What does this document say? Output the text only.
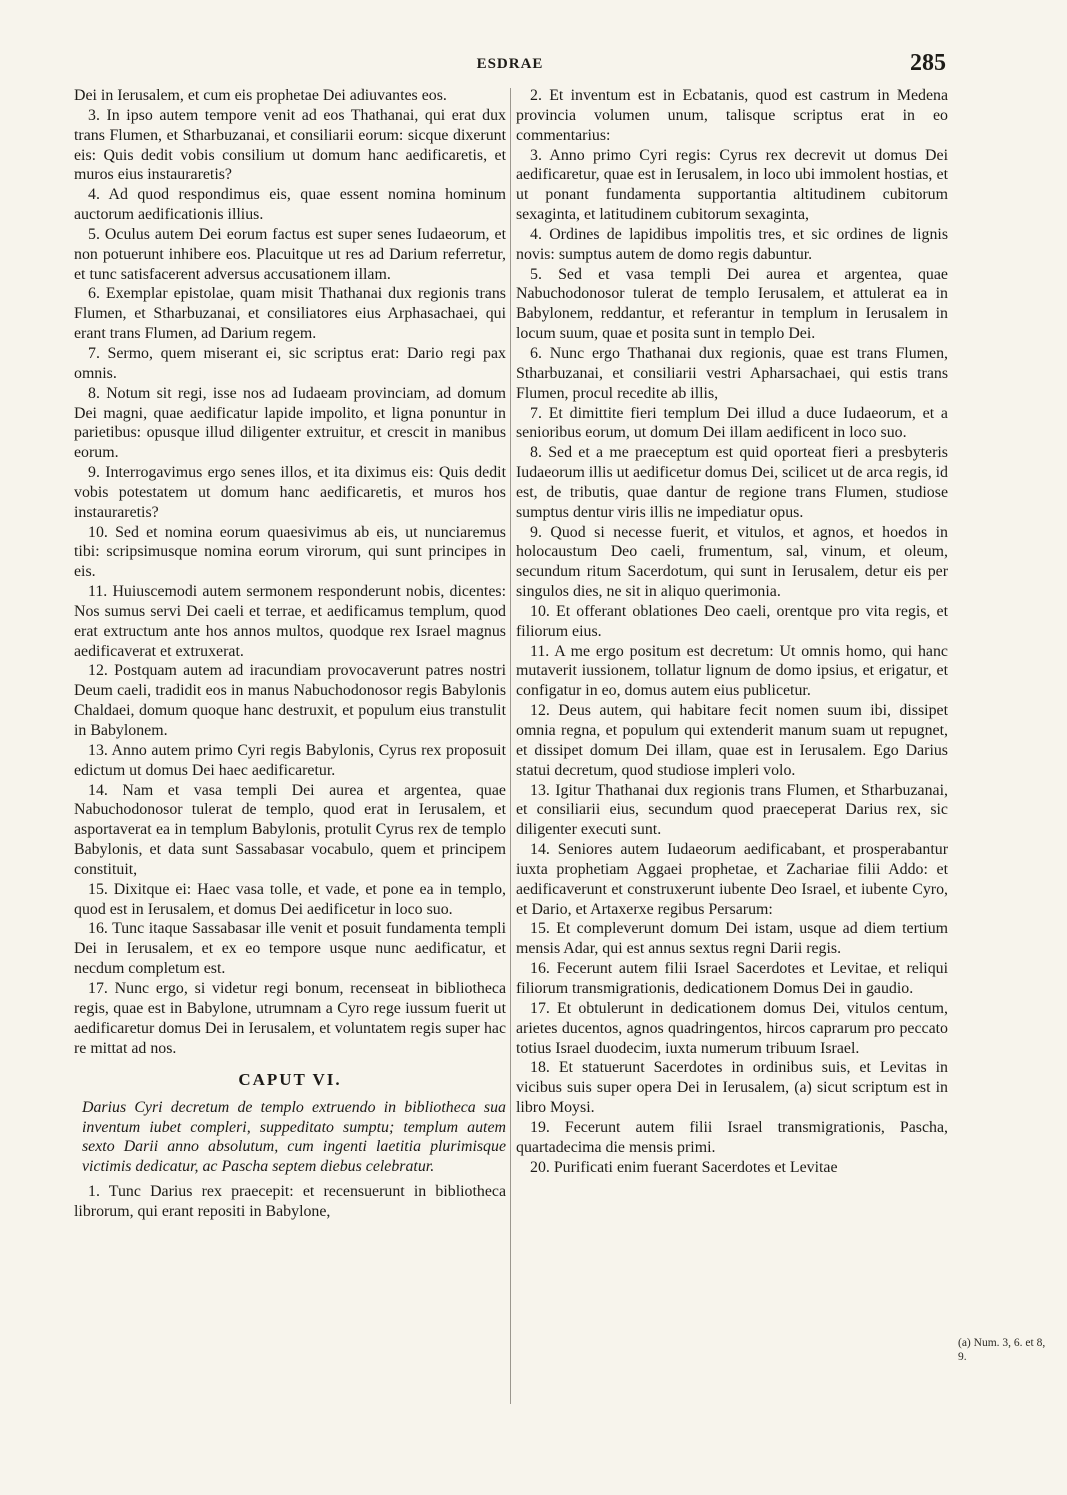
ESDRAE	285

Dei in Ierusalem, et cum eis prophetae Dei adiuvantes eos.

3. In ipso autem tempore venit ad eos Thathanai, qui erat dux trans Flumen, et Stharbuzanai, et consiliarii eorum: sicque dixerunt eis: Quis dedit vobis consilium ut domum hanc aedificaretis, et muros eius instauraretis?

4. Ad quod respondimus eis, quae essent nomina hominum auctorum aedificationis illius.

5. Oculus autem Dei eorum factus est super senes Iudaeorum, et non potuerunt inhibere eos. Placuitque ut res ad Darium referretur, et tunc satisfacerent adversus accusationem illam.

6. Exemplar epistolae, quam misit Thathanai dux regionis trans Flumen, et Stharbuzanai, et consiliatores eius Arphasachaei, qui erant trans Flumen, ad Darium regem.

7. Sermo, quem miserant ei, sic scriptus erat: Dario regi pax omnis.

8. Notum sit regi, isse nos ad Iudaeam provinciam, ad domum Dei magni, quae aedificatur lapide impolito, et ligna ponuntur in parietibus: opusque illud diligenter extruitur, et crescit in manibus eorum.

9. Interrogavimus ergo senes illos, et ita diximus eis: Quis dedit vobis potestatem ut domum hanc aedificaretis, et muros hos instauraretis?

10. Sed et nomina eorum quaesivimus ab eis, ut nunciaremus tibi: scripsimusque nomina eorum virorum, qui sunt principes in eis.

11. Huiuscemodi autem sermonem responderunt nobis, dicentes: Nos sumus servi Dei caeli et terrae, et aedificamus templum, quod erat extructum ante hos annos multos, quodque rex Israel magnus aedificaverat et extruxerat.

12. Postquam autem ad iracundiam provocaverunt patres nostri Deum caeli, tradidit eos in manus Nabuchodonosor regis Babylonis Chaldaei, domum quoque hanc destruxit, et populum eius transtulit in Babylonem.

13. Anno autem primo Cyri regis Babylonis, Cyrus rex proposuit edictum ut domus Dei haec aedificaretur.

14. Nam et vasa templi Dei aurea et argentea, quae Nabuchodonosor tulerat de templo, quod erat in Ierusalem, et asportaverat ea in templum Babylonis, protulit Cyrus rex de templo Babylonis, et data sunt Sassabasar vocabulo, quem et principem constituit,

15. Dixitque ei: Haec vasa tolle, et vade, et pone ea in templo, quod est in Ierusalem, et domus Dei aedificetur in loco suo.

16. Tunc itaque Sassabasar ille venit et posuit fundamenta templi Dei in Ierusalem, et ex eo tempore usque nunc aedificatur, et necdum completum est.

17. Nunc ergo, si videtur regi bonum, recenseat in bibliotheca regis, quae est in Babylone, utrumnam a Cyro rege iussum fuerit ut aedificaretur domus Dei in Ierusalem, et voluntatem regis super hac re mittat ad nos.

CAPUT VI.

Darius Cyri decretum de templo extruendo in bibliotheca sua inventum iubet compleri, suppeditato sumptu; templum autem sexto Darii anno absolutum, cum ingenti laetitia plurimisque victimis dedicatur, ac Pascha septem diebus celebratur.

1. Tunc Darius rex praecepit: et recensuerunt in bibliotheca librorum, qui erant repositi in Babylone,

2. Et inventum est in Ecbatanis, quod est castrum in Medena provincia volumen unum, talisque scriptus erat in eo commentarius:

3. Anno primo Cyri regis: Cyrus rex decrevit ut domus Dei aedificaretur, quae est in Ierusalem, in loco ubi immolent hostias, et ut ponant fundamenta supportantia altitudinem cubitorum sexaginta, et latitudinem cubitorum sexaginta,

4. Ordines de lapidibus impolitis tres, et sic ordines de lignis novis: sumptus autem de domo regis dabuntur.

5. Sed et vasa templi Dei aurea et argentea, quae Nabuchodonosor tulerat de templo Ierusalem, et attulerat ea in Babylonem, reddantur, et referantur in templum in Ierusalem in locum suum, quae et posita sunt in templo Dei.

6. Nunc ergo Thathanai dux regionis, quae est trans Flumen, Stharbuzanai, et consiliarii vestri Apharsachaei, qui estis trans Flumen, procul recedite ab illis,

7. Et dimittite fieri templum Dei illud a duce Iudaeorum, et a senioribus eorum, ut domum Dei illam aedificent in loco suo.

8. Sed et a me praeceptum est quid oporteat fieri a presbyteris Iudaeorum illis ut aedificetur domus Dei, scilicet ut de arca regis, id est, de tributis, quae dantur de regione trans Flumen, studiose sumptus dentur viris illis ne impediatur opus.

9. Quod si necesse fuerit, et vitulos, et agnos, et hoedos in holocaustum Deo caeli, frumentum, sal, vinum, et oleum, secundum ritum Sacerdotum, qui sunt in Ierusalem, detur eis per singulos dies, ne sit in aliquo querimonia.

10. Et offerant oblationes Deo caeli, orentque pro vita regis, et filiorum eius.

11. A me ergo positum est decretum: Ut omnis homo, qui hanc mutaverit iussionem, tollatur lignum de domo ipsius, et erigatur, et configatur in eo, domus autem eius publicetur.

12. Deus autem, qui habitare fecit nomen suum ibi, dissipet omnia regna, et populum qui extenderit manum suam ut repugnet, et dissipet domum Dei illam, quae est in Ierusalem. Ego Darius statui decretum, quod studiose impleri volo.

13. Igitur Thathanai dux regionis trans Flumen, et Stharbuzanai, et consiliarii eius, secundum quod praeceperat Darius rex, sic diligenter executi sunt.

14. Seniores autem Iudaeorum aedificabant, et prosperabantur iuxta prophetiam Aggaei prophetae, et Zachariae filii Addo: et aedificaverunt et construxerunt iubente Deo Israel, et iubente Cyro, et Dario, et Artaxerxe regibus Persarum:

15. Et compleverunt domum Dei istam, usque ad diem tertium mensis Adar, qui est annus sextus regni Darii regis.

16. Fecerunt autem filii Israel Sacerdotes et Levitae, et reliqui filiorum transmigrationis, dedicationem Domus Dei in gaudio.

17. Et obtulerunt in dedicationem domus Dei, vitulos centum, arietes ducentos, agnos quadringentos, hircos caprarum pro peccato totius Israel duodecim, iuxta numerum tribuum Israel.

18. Et statuerunt Sacerdotes in ordinibus suis, et Levitas in vicibus suis super opera Dei in Ierusalem, (a) sicut scriptum est in libro Moysi.

19. Fecerunt autem filii Israel transmigrationis, Pascha, quartadecima die mensis primi.

20. Purificati enim fuerant Sacerdotes et Levitae

(a) Num. 3, 6. et 8, 9.
